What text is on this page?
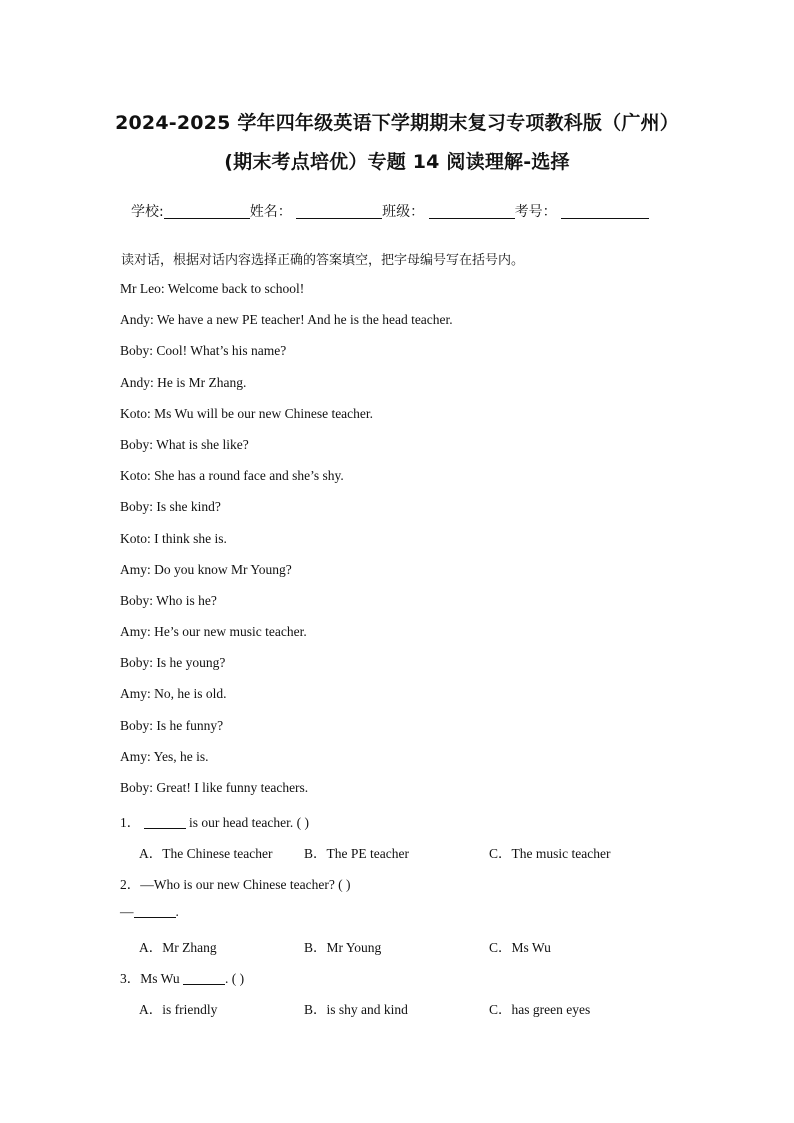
2024-2025 学年四年级英语下学期期末复习专项教科版（广州）
(期末考点培优）专题 14 阅读理解-选择
学校:	姓名：	班级：	考号：
读对话，根据对话内容选择正确的答案填空，把字母编号写在括号内。
Mr Leo: Welcome back to school!
Andy: We have a new PE teacher! And he is the head teacher.
Boby: Cool! What’s his name?
Andy: He is Mr Zhang.
Koto: Ms Wu will be our new Chinese teacher.
Boby: What is she like?
Koto: She has a round face and she’s shy.
Boby: Is she kind?
Koto: I think she is.
Amy: Do you know Mr Young?
Boby: Who is he?
Amy: He’s our new music teacher.
Boby: Is he young?
Amy: No, he is old.
Boby: Is he funny?
Amy: Yes, he is.
Boby: Great! I like funny teachers.
1．	is our head teacher. ( )
A．The Chinese teacher B．The PE teacher	C．The music teacher
2．—Who is our new Chinese teacher? ( )
—	.
A．Mr Zhang	B．Mr Young	C．Ms Wu
3．Ms Wu	. ( )
A．is friendly	B．is shy and kind	C．has green eyes
